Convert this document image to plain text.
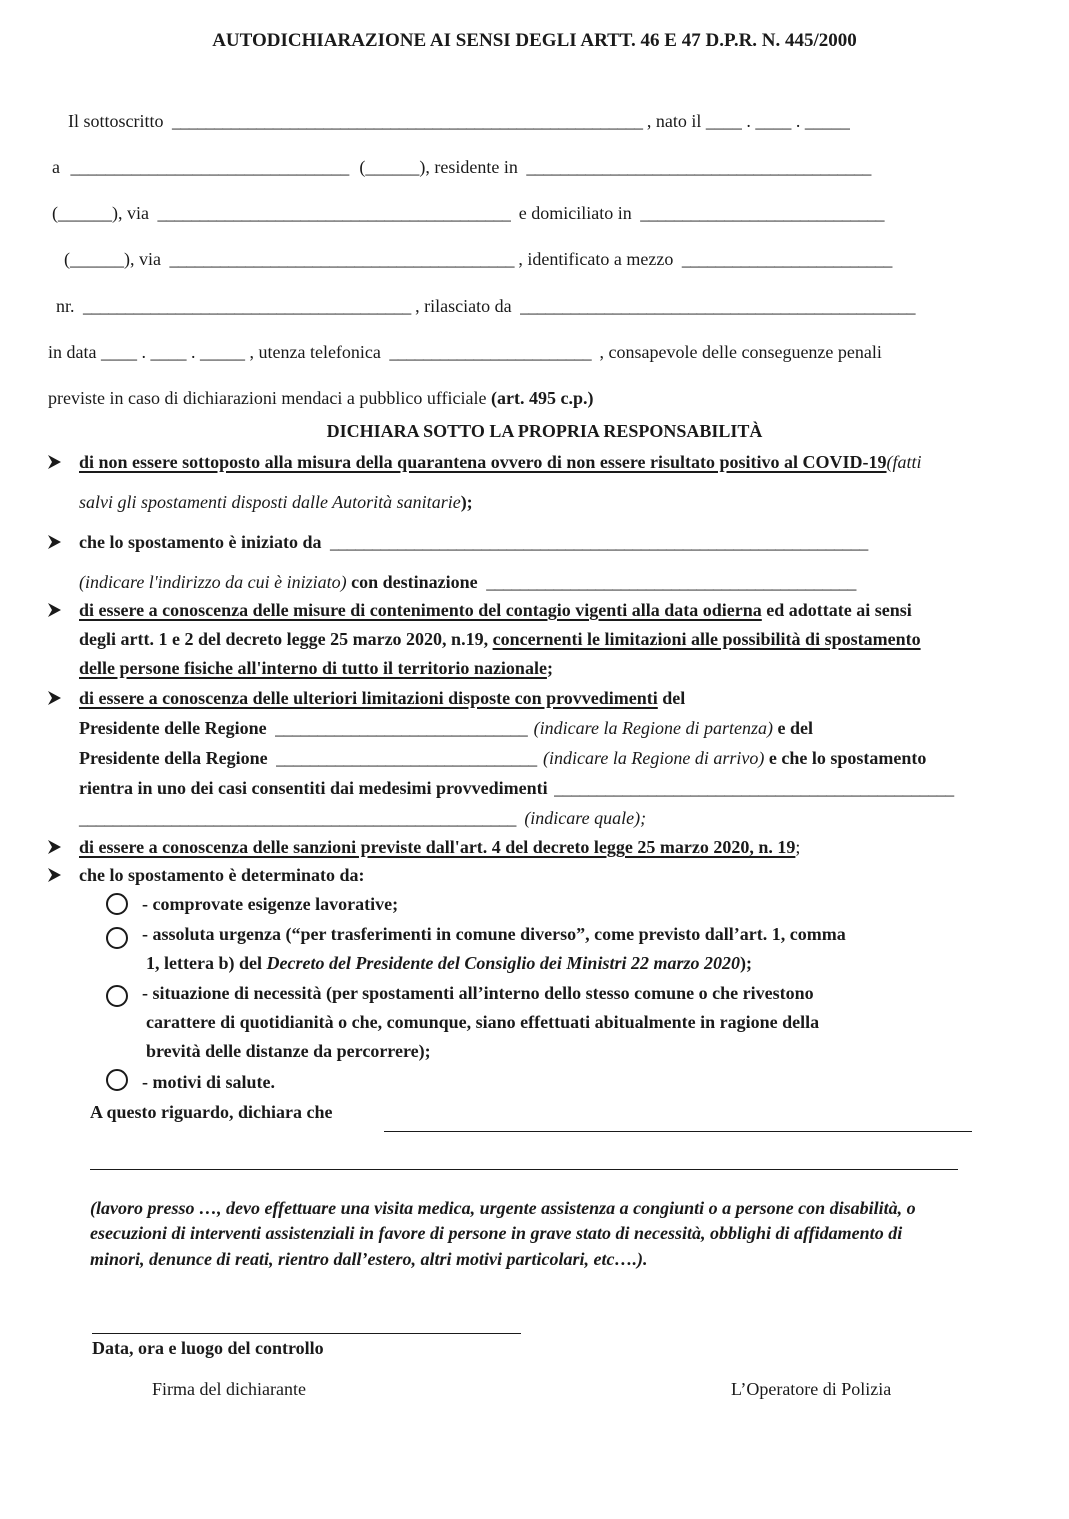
AUTODICHIARAZIONE AI SENSI DEGLI ARTT. 46 E 47 D.P.R. N. 445/2000
Il sottoscritto ________________________________________________________ , nato il ____ . ____ . _____
a ________________________________ (______), residente in _________________________________________
(______), via __________________________________________ e domiciliato in _____________________________
(______), via _________________________________________ , identificato a mezzo _________________________
nr. _______________________________________ , rilasciato da _______________________________________________
in data ____ . ____ . _____ , utenza telefonica ________________________ , consapevole delle conseguenze penali
previste in caso di dichiarazioni mendaci a pubblico ufficiale (art. 495 c.p.)
DICHIARA SOTTO LA PROPRIA RESPONSABILITÀ
di non essere sottoposto alla misura della quarantena ovvero di non essere risultato positivo al COVID-19(fatti
salvi gli spostamenti disposti dalle Autorità sanitarie);
che lo spostamento è iniziato da ________________________________________________________________
(indicare l'indirizzo da cui è iniziato) con destinazione ____________________________________________
di essere a conoscenza delle misure di contenimento del contagio vigenti alla data odierna ed adottate ai sensi
degli artt. 1 e 2 del decreto legge 25 marzo 2020, n.19, concernenti le limitazioni alle possibilità di spostamento
delle persone fisiche all'interno di tutto il territorio nazionale;
di essere a conoscenza delle ulteriori limitazioni disposte con provvedimenti del
Presidente delle Regione ______________________________ (indicare la Regione di partenza) e del
Presidente della Regione _______________________________ (indicare la Regione di arrivo) e che lo spostamento
rientra in uno dei casi consentiti dai medesimi provvedimenti _______________________________________________
____________________________________________________ (indicare quale);
di essere a conoscenza delle sanzioni previste dall'art. 4 del decreto legge 25 marzo 2020, n. 19;
che lo spostamento è determinato da:
- comprovate esigenze lavorative;
- assoluta urgenza (“per trasferimenti in comune diverso”, come previsto dall’art. 1, comma
1, lettera b) del Decreto del Presidente del Consiglio dei Ministri 22 marzo 2020);
- situazione di necessità (per spostamenti all’interno dello stesso comune o che rivestono
carattere di quotidianità o che, comunque, siano effettuati abitualmente in ragione della
brevità delle distanze da percorrere);
- motivi di salute.
A questo riguardo, dichiara che
(lavoro presso …, devo effettuare una visita medica, urgente assistenza a congiunti o a persone con disabilità, o
esecuzioni di interventi assistenziali in favore di persone in grave stato di necessità, obblighi di affidamento di
minori, denunce di reati, rientro dall’estero, altri motivi particolari, etc….).
Data, ora e luogo del controllo
Firma del dichiarante	L’Operatore di Polizia
